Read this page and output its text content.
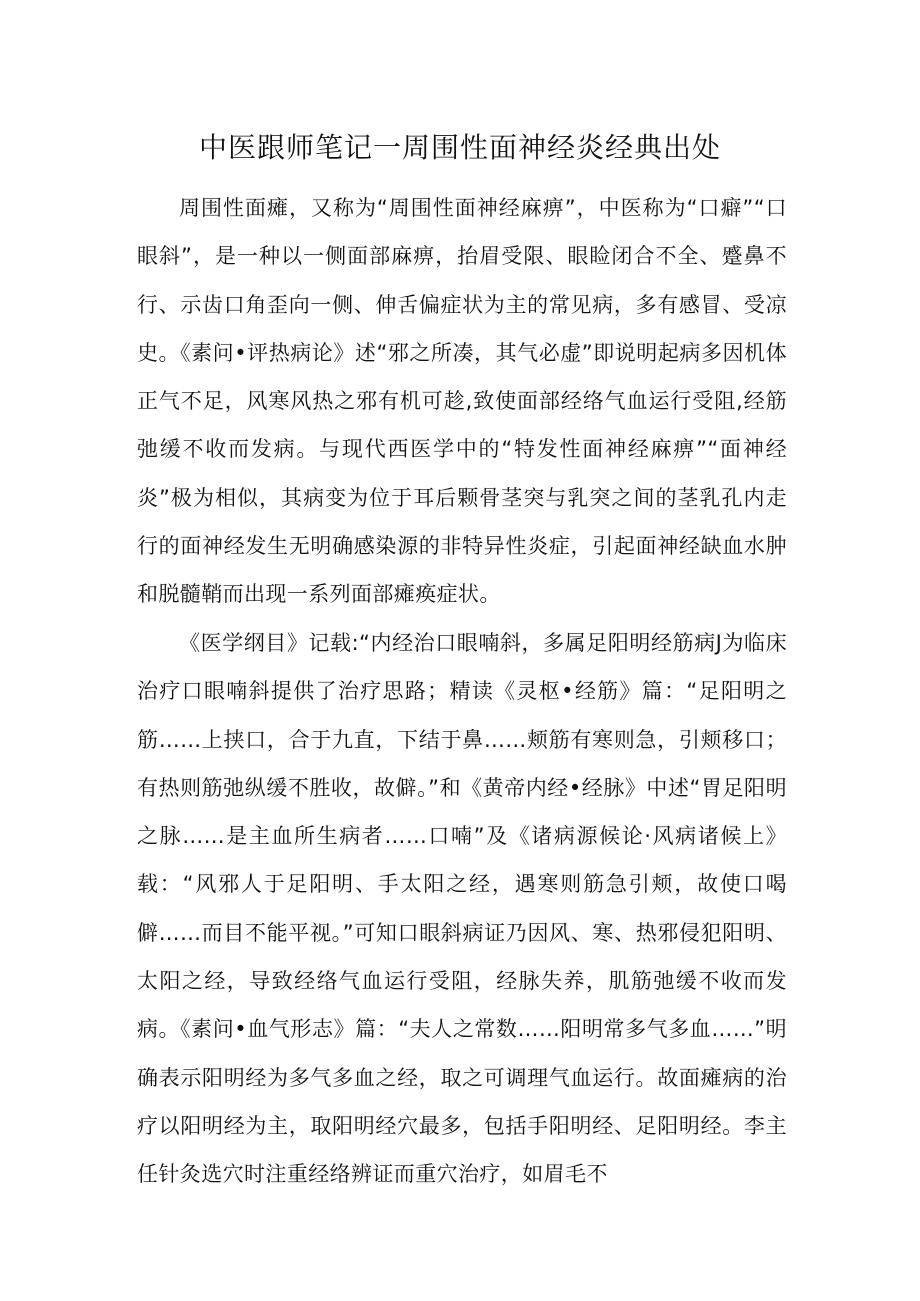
中医跟师笔记一周围性面神经炎经典出处

周围性面瘫，又称为“周围性面神经麻痹”，中医称为“口癖”“口眼斜”，是一种以一侧面部麻痹，抬眉受限、眼睑闭合不全、蹙鼻不行、示齿口角歪向一侧、伸舌偏症状为主的常见病，多有感冒、受凉史。《素问•评热病论》述“邪之所凑，其气必虚”即说明起病多因机体正气不足，风寒风热之邪有机可趁,致使面部经络气血运行受阻,经筋弛缓不收而发病。与现代西医学中的“特发性面神经麻痹”“面神经炎”极为相似，其病变为位于耳后颗骨茎突与乳突之间的茎乳孔内走行的面神经发生无明确感染源的非特异性炎症，引起面神经缺血水肿和脱髓鞘而出现一系列面部瘫痪症状。

《医学纲目》记载:“内经治口眼喃斜，多属足阳明经筋病J为临床治疗口眼喃斜提供了治疗思路；精读《灵枢•经筋》篇：“足阳明之筋……上挟口，合于九直，下结于鼻……颊筋有寒则急，引颊移口；有热则筋弛纵缓不胜收，故僻。”和《黄帝内经•经脉》中述“胃足阳明之脉……是主血所生病者……口喃”及《诸病源候论·风病诸候上》载：“风邪人于足阳明、手太阳之经，遇寒则筋急引颊，故使口喝僻……而目不能平视。”可知口眼斜病证乃因风、寒、热邪侵犯阳明、太阳之经，导致经络气血运行受阻，经脉失养，肌筋弛缓不收而发病。《素问•血气形志》篇：“夫人之常数……阳明常多气多血……”明确表示阳明经为多气多血之经，取之可调理气血运行。故面瘫病的治疗以阳明经为主，取阳明经穴最多，包括手阳明经、足阳明经。李主任针灸选穴时注重经络辨证而重穴治疗，如眉毛不
